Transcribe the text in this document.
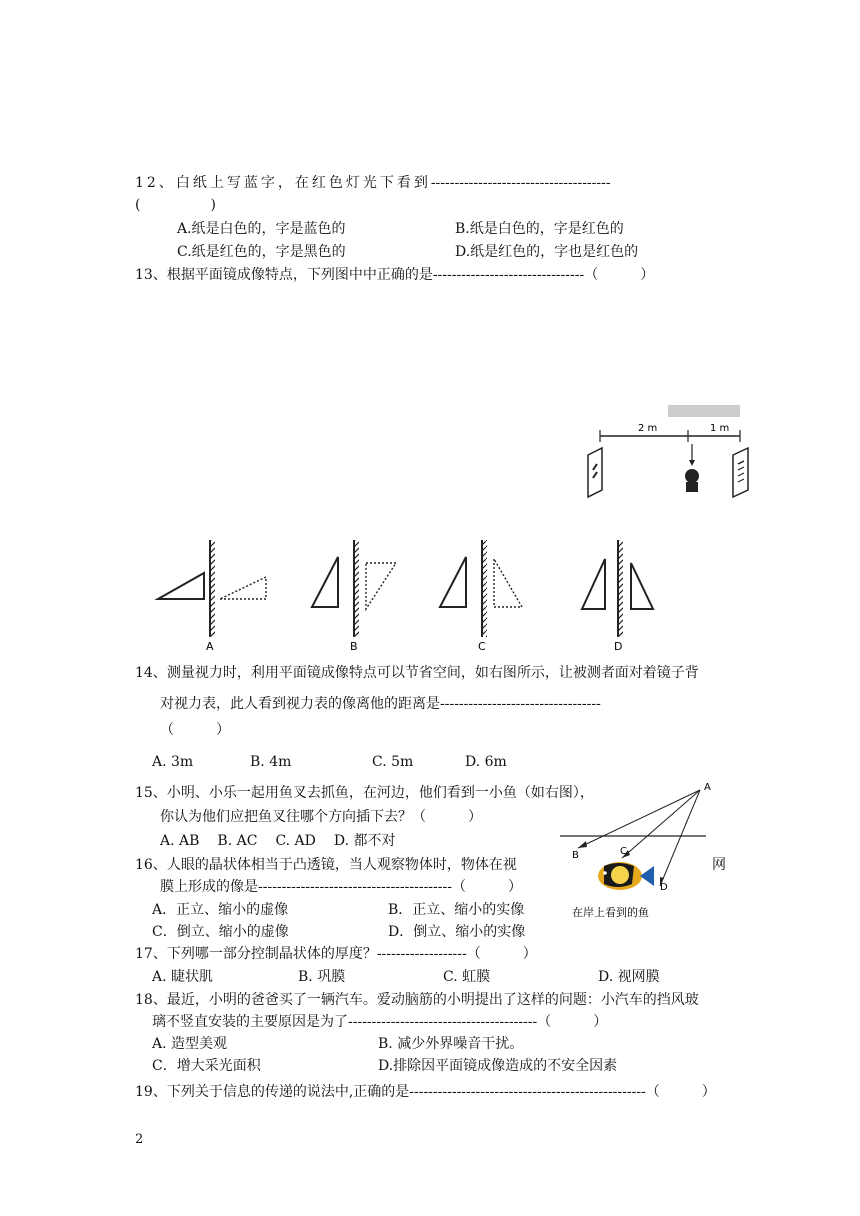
12、白纸上写蓝字，在红色灯光下看到--------------------------------------
(　　　　　)
A.纸是白色的，字是蓝色的	B.纸是白色的，字是红色的
C.纸是红色的，字是黑色的	D.纸是红色的，字也是红色的
13、根据平面镜成像特点，下列图中中正确的是--------------------------------（　　　）
2 m	1 m
A	B	C	D
14、测量视力时，利用平面镜成像特点可以节省空间，如右图所示，让被测者面对着镜子背
对视力表，此人看到视力表的像离他的距离是----------------------------------
（　　　）
A. 3m	B. 4m	C. 5m	D. 6m
15、小明、小乐一起用鱼叉去抓鱼，在河边，他们看到一小鱼（如右图），
你认为他们应把鱼叉往哪个方向插下去？（　　　）
A. AB B. AC C. AD D. 都不对
A
B	C
D
在岸上看到的鱼
16、人眼的晶状体相当于凸透镜，当人观察物体时，物体在视	网
膜上形成的像是-----------------------------------------（　　　）
A．正立、缩小的虚像	B．正立、缩小的实像
C．倒立、缩小的虚像	D．倒立、缩小的实像
17、下列哪一部分控制晶状体的厚度？-------------------（　　　）
A. 睫状肌	B. 巩膜	C. 虹膜	D. 视网膜
18、最近，小明的爸爸买了一辆汽车。爱动脑筋的小明提出了这样的问题：小汽车的挡风玻
璃不竖直安装的主要原因是为了----------------------------------------（　　　）
A. 造型美观	B. 减少外界噪音干扰。
C．增大采光面积	D.排除因平面镜成像造成的不安全因素
19、下列关于信息的传递的说法中,正确的是--------------------------------------------------（　　　）
2
